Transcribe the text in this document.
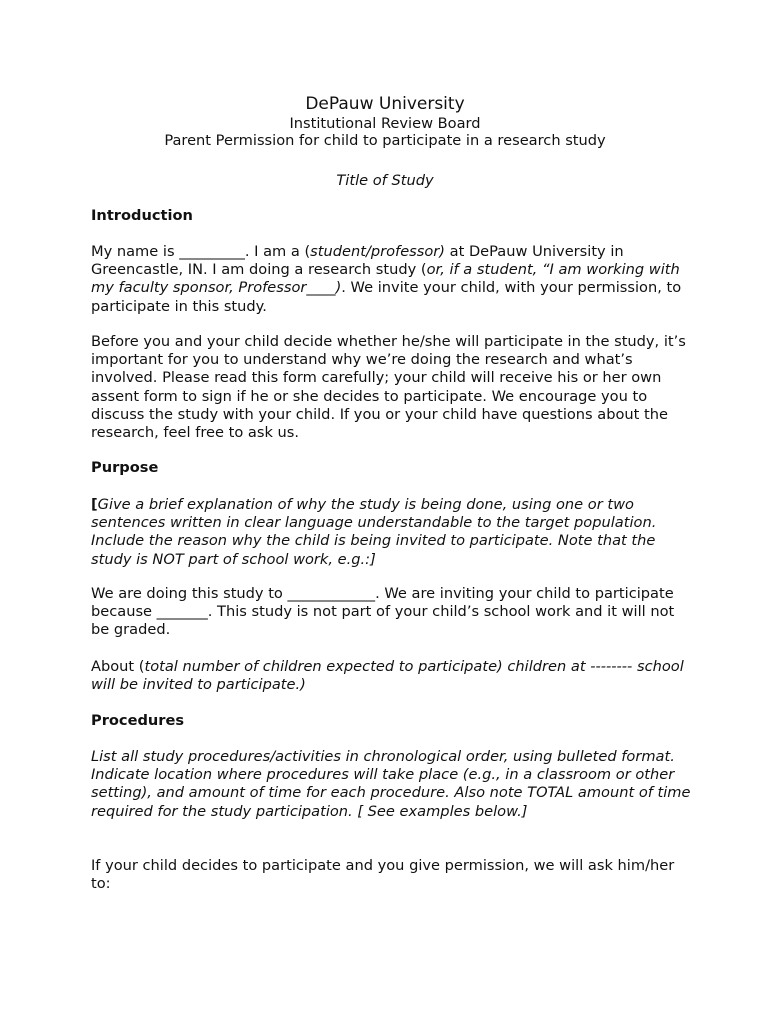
DePauw University
Institutional Review Board
Parent Permission for child to participate in a research study
Title of Study
Introduction
My name is _________. I am a (student/professor) at DePauw University in Greencastle, IN. I am doing a research study (or, if a student, “I am working with my faculty sponsor, Professor____). We invite your child, with your permission, to participate in this study.
Before you and your child decide whether he/she will participate in the study, it’s important for you to understand why we’re doing the research and what’s involved. Please read this form carefully; your child will receive his or her own assent form to sign if he or she decides to participate. We encourage you to discuss the study with your child. If you or your child have questions about the research, feel free to ask us.
Purpose
[Give a brief explanation of why the study is being done, using one or two sentences written in clear language understandable to the target population. Include the reason why the child is being invited to participate. Note that the study is NOT part of school work, e.g.:]
We are doing this study to ____________. We are inviting your child to participate because _______. This study is not part of your child’s school work and it will not be graded.
About (total number of children expected to participate) children at -------- school will be invited to participate.)
Procedures
List all study procedures/activities in chronological order, using bulleted format. Indicate location where procedures will take place (e.g., in a classroom or other setting), and amount of time for each procedure. Also note TOTAL amount of time required for the study participation. [ See examples below.]
If your child decides to participate and you give permission, we will ask him/her to:
